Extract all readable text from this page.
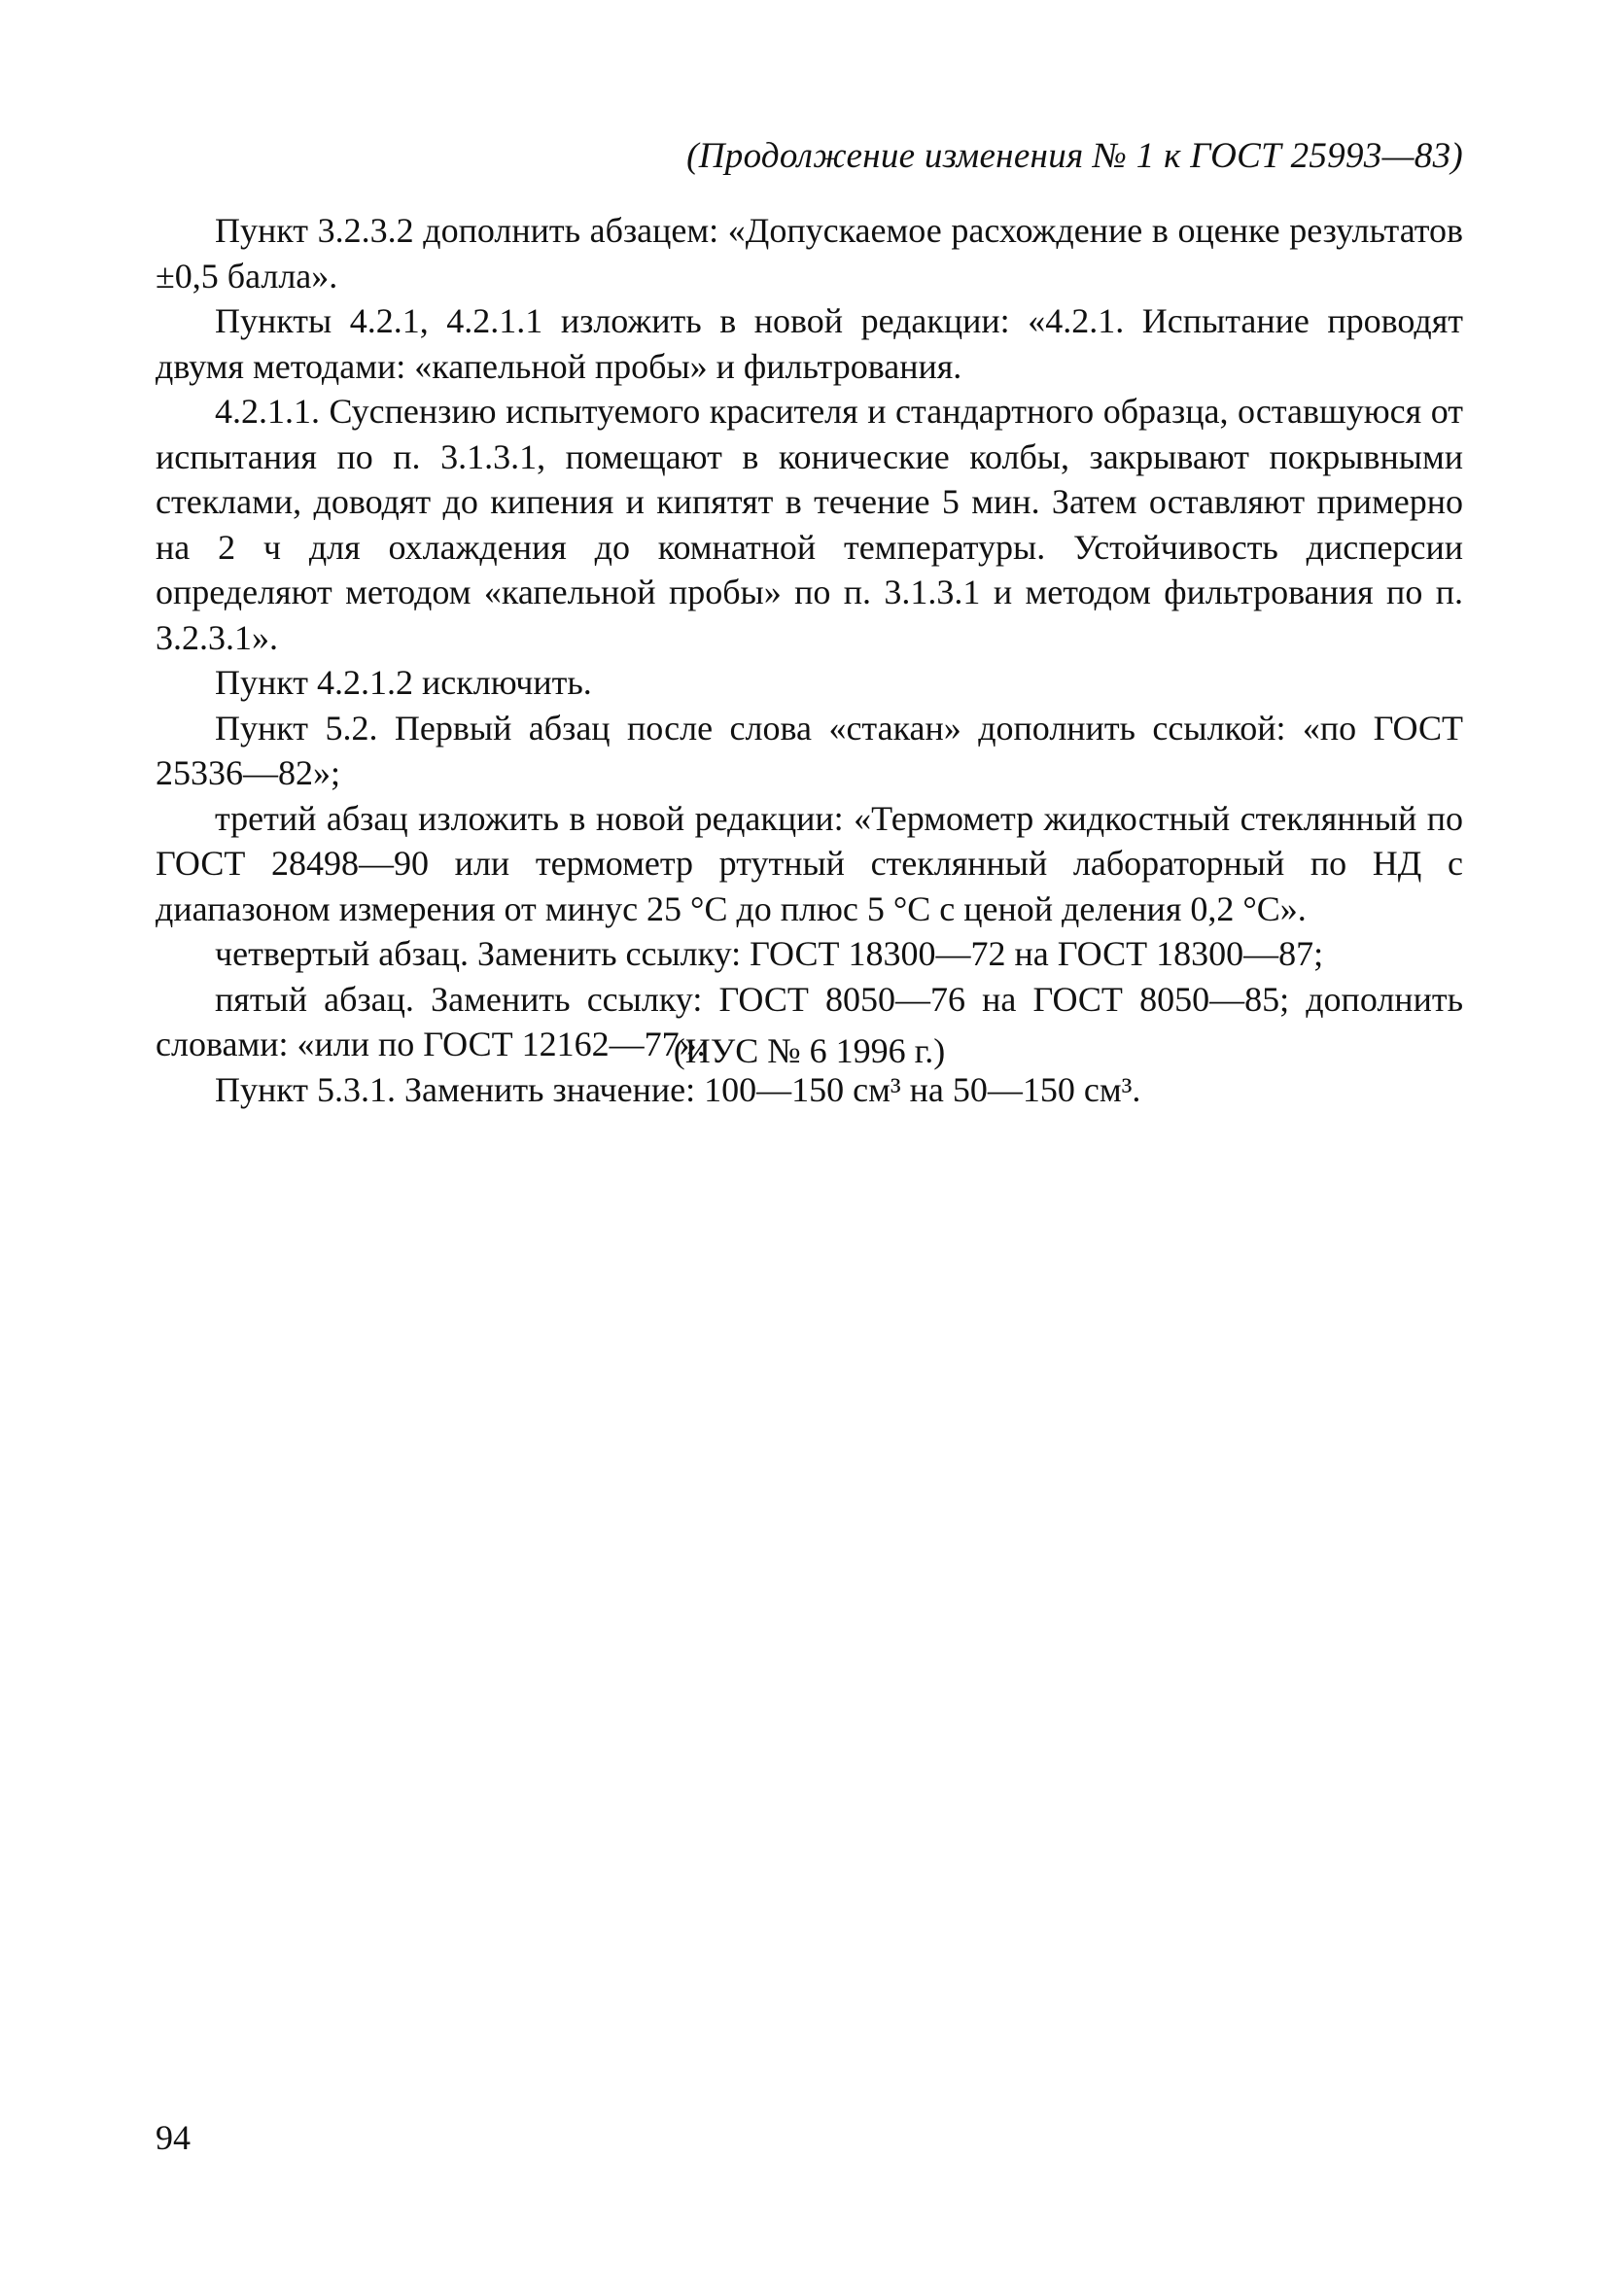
(Продолжение изменения № 1 к ГОСТ 25993—83)

Пункт 3.2.3.2 дополнить абзацем: «Допускаемое расхождение в оценке результатов ±0,5 балла».

Пункты 4.2.1, 4.2.1.1 изложить в новой редакции: «4.2.1. Испытание проводят двумя методами: «капельной пробы» и фильтрования.

4.2.1.1. Суспензию испытуемого красителя и стандартного образца, оставшуюся от испытания по п. 3.1.3.1, помещают в конические колбы, закрывают покрывными стеклами, доводят до кипения и кипятят в течение 5 мин. Затем оставляют примерно на 2 ч для охлаждения до комнатной температуры. Устойчивость дисперсии определяют методом «капельной пробы» по п. 3.1.3.1 и методом фильтрования по п. 3.2.3.1».

Пункт 4.2.1.2 исключить.

Пункт 5.2. Первый абзац после слова «стакан» дополнить ссылкой: «по ГОСТ 25336—82»;

третий абзац изложить в новой редакции: «Термометр жидкостный стеклянный по ГОСТ 28498—90 или термометр ртутный стеклянный лабораторный по НД с диапазоном измерения от минус 25 °С до плюс 5 °С с ценой деления 0,2 °С».

четвертый абзац. Заменить ссылку: ГОСТ 18300—72 на ГОСТ 18300—87;

пятый абзац. Заменить ссылку: ГОСТ 8050—76 на ГОСТ 8050—85; дополнить словами: «или по ГОСТ 12162—77».

Пункт 5.3.1. Заменить значение: 100—150 см³ на 50—150 см³.

(ИУС № 6 1996 г.)
94
